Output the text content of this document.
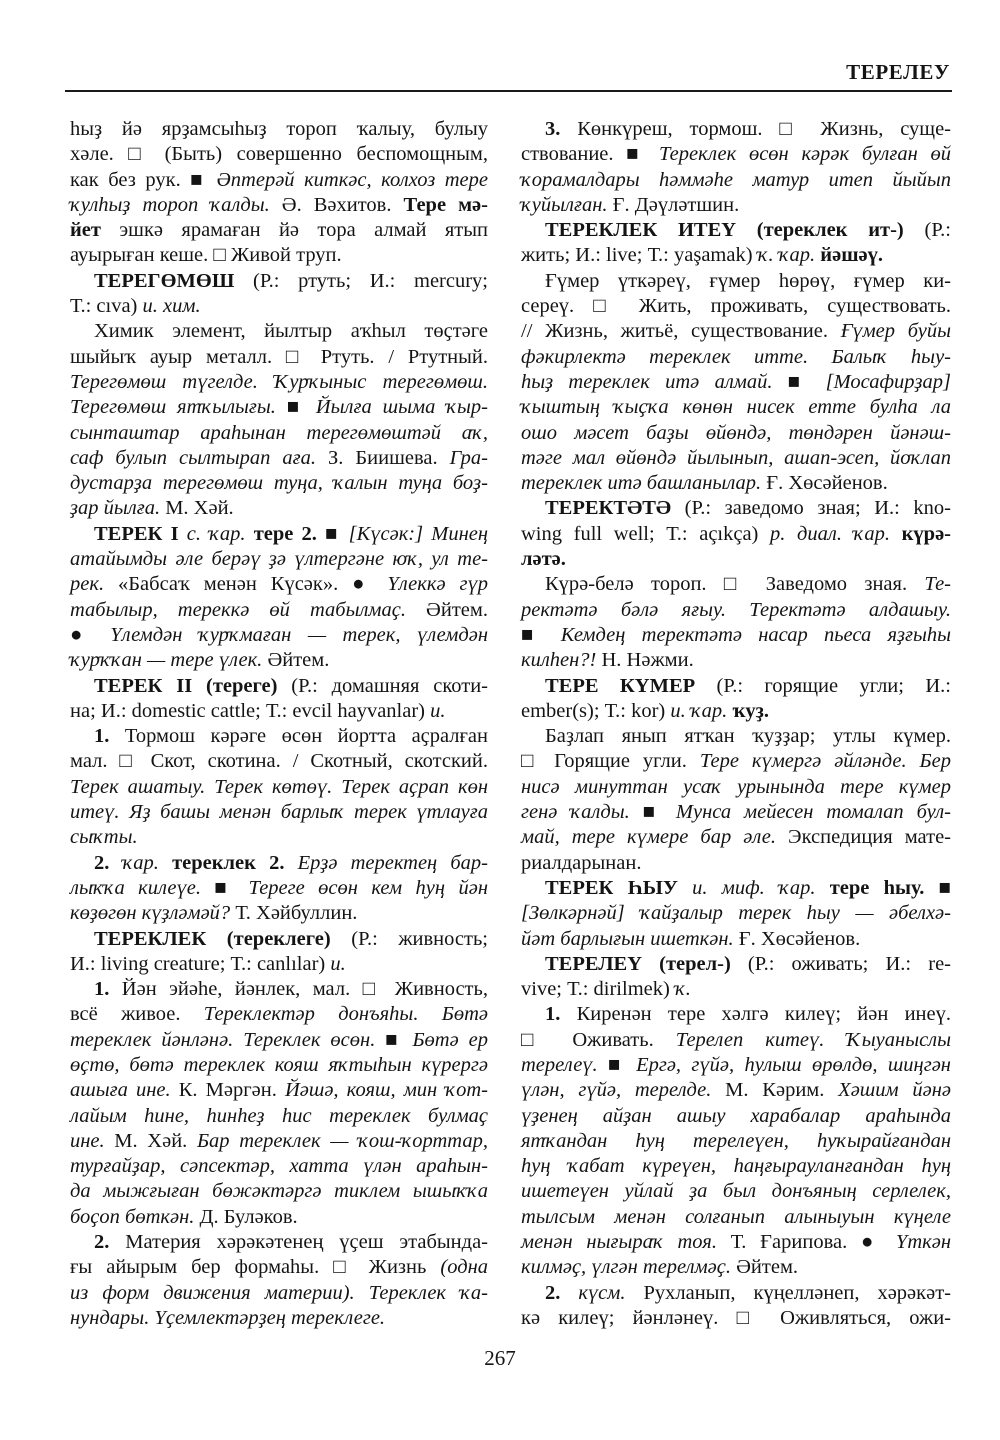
ТЕРЕЛЕУ
һыҙ йә ярҙамсыһыҙ тороп ҡалыу, булыу
хәле. □ (Быть) совершенно беспомощным,
как без рук. ■ Әптерәй киткәс, колхоз тере
ҡулһыҙ тороп ҡалды. Ә. Вәхитов. Тере мә-
йет эшкә ярамаған йә тора алмай ятып
ауырыған кеше. □ Живой труп.
ТЕРЕГӨМӨШ (Р.: ртуть; И.: mercury;
Т.: cıva) и. хим.
Химик элемент, йылтыр аҡһыл төҫтәге
шыйыҡ ауыр металл. □ Ртуть. / Ртутный.
Терегөмөш түгелде. Ҡурҡыныс терегөмөш.
Терегөмөш ятҡылығы. ■ Йылға шыма ҡыр-
сынташтар араһынан терегөмөштәй аҡ,
саф булып сылтырап аға. З. Биишева. Гра-
дустарҙа терегөмөш туңа, ҡалын туңа боҙ-
ҙар йылға. М. Хәй.
ТЕРЕК I с. ҡар. тере 2. ■ [Күсәк:] Минең
атайымды әле берәү ҙә үлтергәне юҡ, ул те-
рек. «Бабсаҡ менән Күсәк». ● Үлеккә гүр
табылыр, тереккә өй табылмаҫ. Әйтем.
● Үлемдән ҡурҡмаған — терек, үлемдән
ҡурҡҡан — тере үлек. Әйтем.
ТЕРЕК II (тереге) (Р.: домашняя скоти-
на; И.: domestic cattle; Т.: evcil hayvanlar) и.
1. Тормош кәрәге өсөн йортта аҫралған
мал. □ Скот, скотина. / Скотный, скотский.
Терек ашатыу. Терек көтөү. Терек аҫрап көн
итеү. Яҙ башы менән барлыҡ терек үтлауға
сыҡты.
2. ҡар. тереклек 2. Ерҙә теректең бар-
лыҡҡа килеүе. ■ Тереге өсөн кем һуң йән
көҙөгөн күҙләмәй? Т. Хәйбуллин.
ТЕРЕКЛЕК (тереклеге) (Р.: живность;
И.: living creature; Т.: canlılar) и.
1. Йән эйәһе, йәнлек, мал. □ Живность,
всё живое. Тереклектәр донъяһы. Бөтә
тереклек йәнләнә. Тереклек өсөн. ■ Бөтә ер
өҫтө, бөтә тереклек кояш яҡтыһын күрергә
ашыға ине. К. Мәргән. Йәшә, кояш, мин ҡот-
лайым һине, һинһеҙ һис тереклек булмаҫ
ине. М. Хәй. Бар тереклек — ҡош-ҡорттар,
турғайҙар, сәпсектәр, хатта үлән араһын-
да мыжғыған бөжәктәргә тиклем ышыҡҡа
боҫоп бөткән. Д. Буләков.
2. Материя хәрәкәтенең үҫеш этабында-
ғы айырым бер формаһы. □ Жизнь (одна
из форм движения материи). Тереклек ҡа-
нундары. Үҫемлектәрҙең тереклеге.
3. Көнкүреш, тормош. □ Жизнь, суще-
ствование. ■ Тереклек өсөн кәрәк булған өй
ҡорамалдары һәммәһе матур итеп йыйып
ҡуйылған. Ғ. Дәүләтшин.
ТЕРЕКЛЕК ИТЕҮ (тереклек ит-) (Р.:
жить; И.: live; Т.: yaşamak) ҡ. ҡар. йәшәү.
Ғүмер үткәреү, ғүмер һөрөү, ғүмер ки-
сереү. □ Жить, проживать, существовать.
// Жизнь, житьё, существование. Ғүмер буйы
фәкирлектә тереклек итте. Балыҡ һыу-
һыҙ тереклек итә алмай. ■ [Мосафирҙар]
ҡыштың ҡыҫҡа көнөн нисек етте булһа ла
ошо мәсет баҙы өйөндә, төндәрен йәнәш-
тәге мал өйөндә йылынып, ашап-эсеп, йоҡлап
тереклек итә башланылар. Ғ. Хөсәйенов.
ТЕРЕКТӘТӘ (Р.: заведомо зная; И.: kno-
wing full well; Т.: açıkça) р. диал. ҡар. күрә-
ләтә.
Күрә-белә тороп. □ Заведомо зная. Те-
ректәтә бәлә яғыу. Теректәтә алдашыу.
■ Кемдең теректәтә насар пьеса яҙғыһы
килһен?! Н. Нәжми.
ТЕРЕ КҮМЕР (Р.: горящие угли; И.:
ember(s); Т.: kor) и. ҡар. ҡуҙ.
Баҙлап янып ятҡан ҡуҙҙар; утлы күмер.
□ Горящие угли. Тере күмергә әйләнде. Бер
нисә минуттан усаҡ урынында тере күмер
генә ҡалды. ■ Мунса мейесен томалап бул-
май, тере күмере бар әле. Экспедиция мате-
риалдарынан.
ТЕРЕК ҺЫУ и. миф. ҡар. тере һыу. ■
[Зөлкәрнәй] ҡайҙалыр терек һыу — әбелхә-
йәт барлығын ишеткән. Ғ. Хөсәйенов.
ТЕРЕЛЕҮ (терел-) (Р.: оживать; И.: re-
vive; Т.: dirilmek) ҡ.
1. Киренән тере хәлгә килеү; йән инеү.
□ Оживать. Терелеп китеү. Ҡыуаныслы
терелеү. ■ Ергә, гүйә, һулыш өрөлдө, шиңгән
үлән, гүйә, терелде. М. Кәрим. Хәшим йәнә
үҙенең айҙан ашыу харабалар араһында
ятҡандан һуң терелеүен, һуҡырайғандан
һуң ҡабат күреүен, һаңғырауланғандан һуң
ишетеүен уйлай ҙа был донъяның серлелек,
тылсым менән солғанып алыныуын күңеле
менән нығыраҡ тоя. Т. Ғарипова. ● Үткән
килмәҫ, үлгән терелмәҫ. Әйтем.
2. күсм. Рухланып, күңелләнеп, хәрәкәт-
кә килеү; йәнләнеү. □ Оживляться, ожи-
267
